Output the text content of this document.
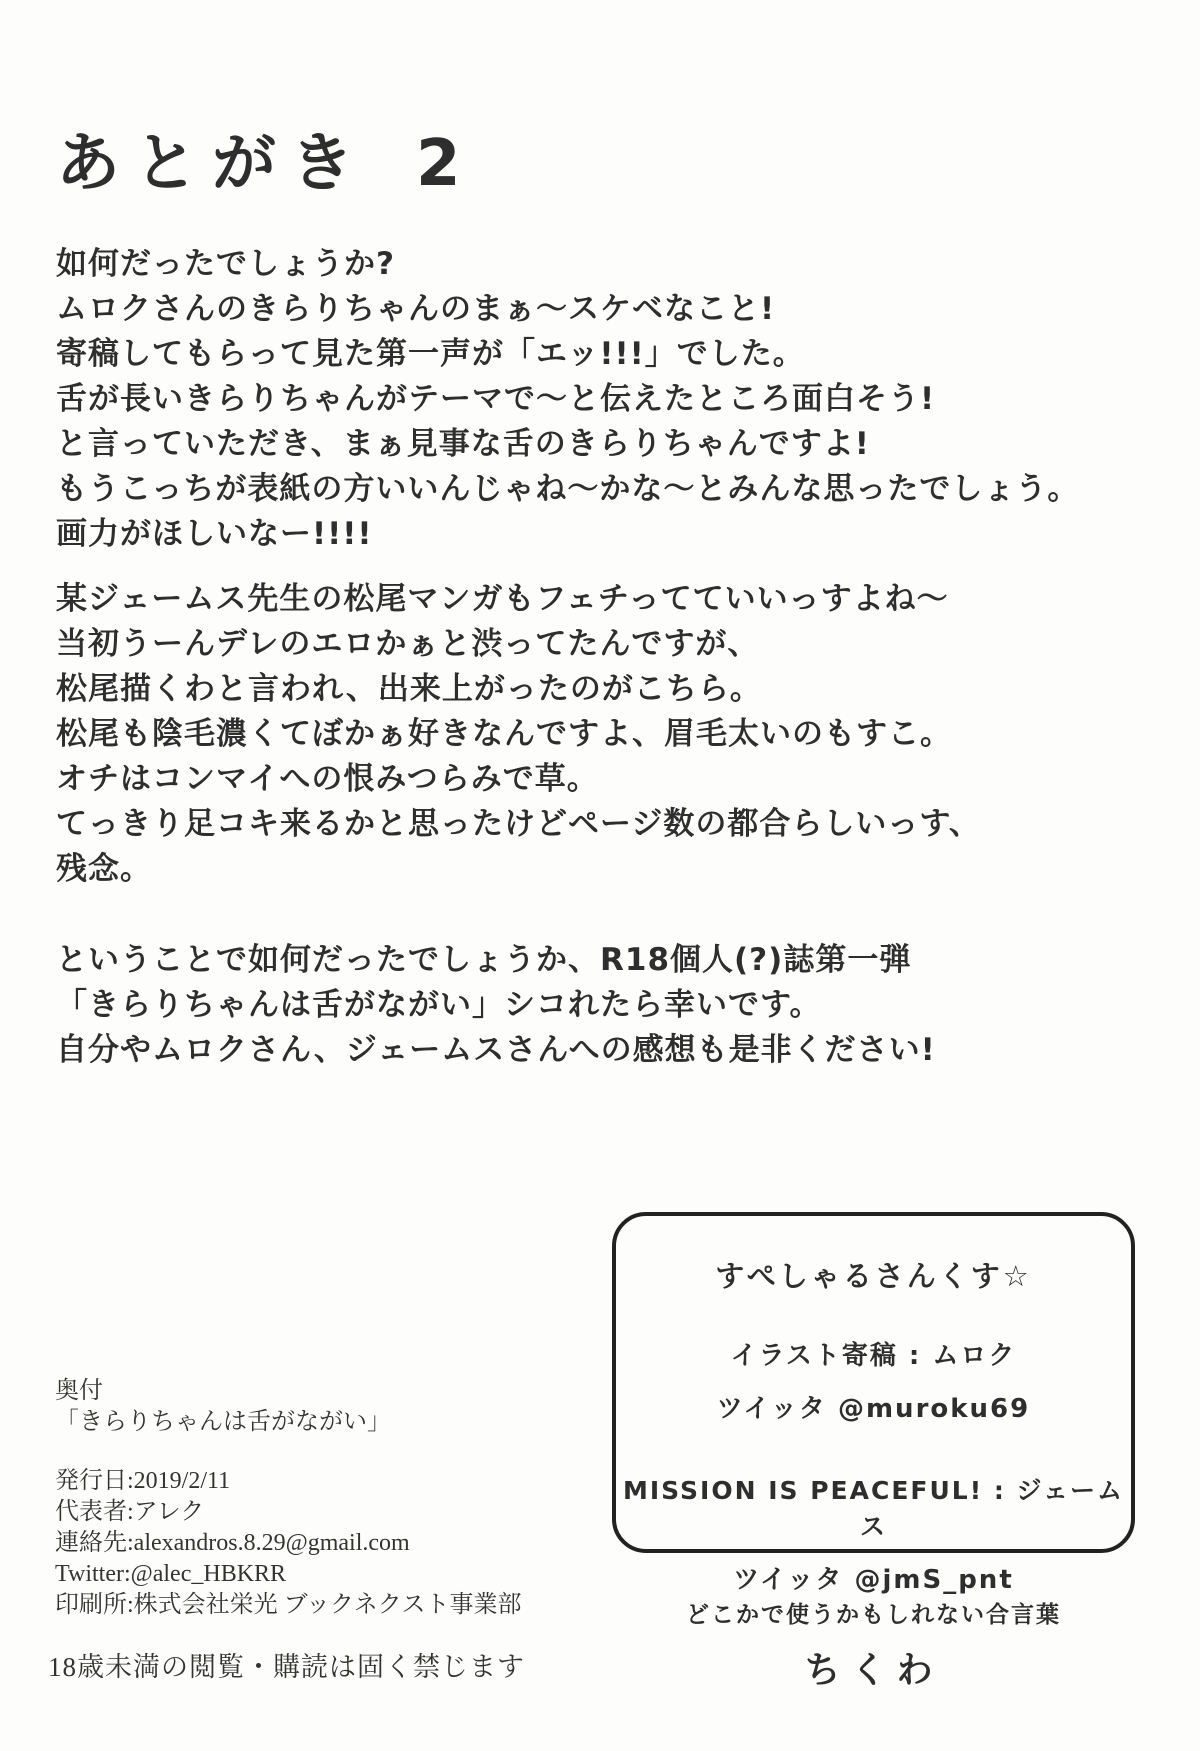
あとがき 2
如何だったでしょうか?
ムロクさんのきらりちゃんのまぁ〜スケベなこと!
寄稿してもらって見た第一声が「エッ!!!」でした。
舌が長いきらりちゃんがテーマで〜と伝えたところ面白そう!
と言っていただき、まぁ見事な舌のきらりちゃんですよ!
もうこっちが表紙の方いいんじゃね〜かな〜とみんな思ったでしょう。
画力がほしいなー!!!!
某ジェームス先生の松尾マンガもフェチってていいっすよね〜
当初うーんデレのエロかぁと渋ってたんですが、
松尾描くわと言われ、出来上がったのがこちら。
松尾も陰毛濃くてぼかぁ好きなんですよ、眉毛太いのもすこ。
オチはコンマイへの恨みつらみで草。
てっきり足コキ来るかと思ったけどページ数の都合らしいっす、
残念。
ということで如何だったでしょうか、R18個人(?)誌第一弾
「きらりちゃんは舌がながい」シコれたら幸いです。
自分やムロクさん、ジェームスさんへの感想も是非ください!
すぺしゃるさんくす☆
イラスト寄稿 : ムロク
ツイッタ @muroku69
MISSION IS PEACEFUL! : ジェームス
ツイッタ @jmS_pnt
どこかで使うかもしれない合言葉
ちくわ
奥付
「きらりちゃんは舌がながい」
発行日:2019/2/11
代表者:アレク
連絡先:alexandros.8.29@gmail.com
Twitter:@alec_HBKRR
印刷所:株式会社栄光 ブックネクスト事業部
18歳未満の閲覧・購読は固く禁じます
